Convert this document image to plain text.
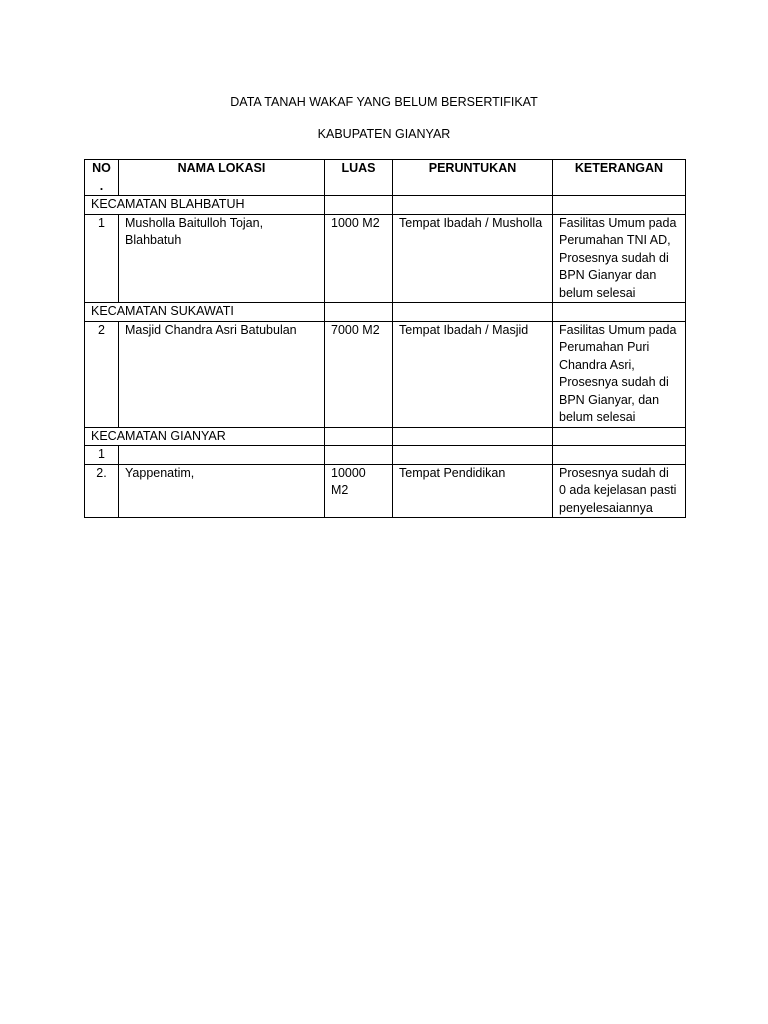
DATA TANAH WAKAF YANG BELUM BERSERTIFIKAT
KABUPATEN GIANYAR
NO.	NAMA LOKASI	LUAS	PERUNTUKAN	KETERANGAN
KECAMATAN BLAHBATUH				
1	Musholla Baitulloh Tojan, Blahbatuh	1000 M2	Tempat Ibadah / Musholla	Fasilitas Umum pada Perumahan TNI AD, Prosesnya sudah di BPN Gianyar dan belum selesai
KECAMATAN SUKAWATI				
2	Masjid Chandra Asri Batubulan	7000 M2	Tempat Ibadah / Masjid	Fasilitas Umum pada Perumahan Puri Chandra Asri, Prosesnya sudah di BPN Gianyar, dan belum selesai
KECAMATAN GIANYAR				
1				
2.	Yappenatim,	10000 M2	Tempat Pendidikan	Prosesnya sudah di 0 ada kejelasan pasti penyelesaiannya
